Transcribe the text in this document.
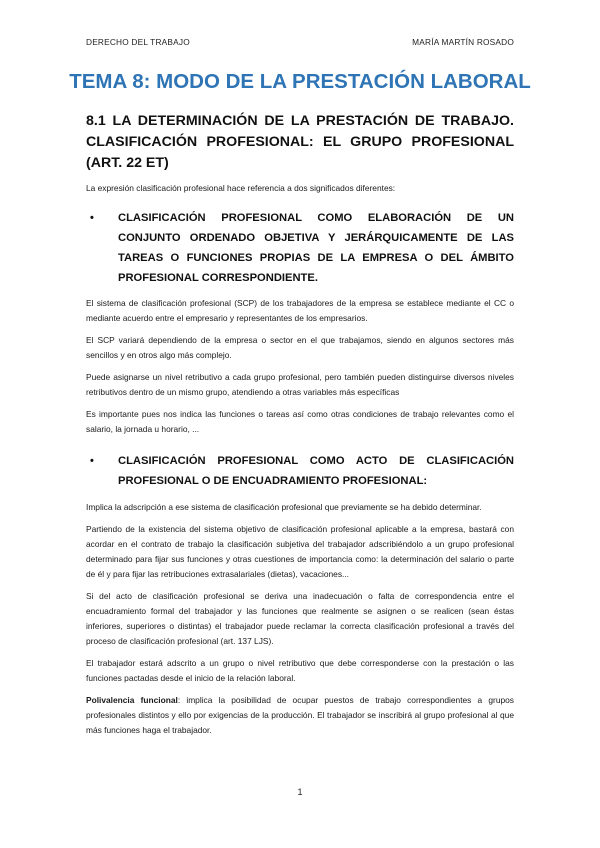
DERECHO DEL TRABAJO	MARÍA MARTÍN ROSADO
TEMA 8: MODO DE LA PRESTACIÓN LABORAL
8.1 LA DETERMINACIÓN DE LA PRESTACIÓN DE TRABAJO. CLASIFICACIÓN PROFESIONAL: EL GRUPO PROFESIONAL (ART. 22 ET)
La expresión clasificación profesional hace referencia a dos significados diferentes:
• CLASIFICACIÓN PROFESIONAL COMO ELABORACIÓN DE UN CONJUNTO ORDENADO OBJETIVA Y JERÁRQUICAMENTE DE LAS TAREAS O FUNCIONES PROPIAS DE LA EMPRESA O DEL ÁMBITO PROFESIONAL CORRESPONDIENTE.
El sistema de clasificación profesional (SCP) de los trabajadores de la empresa se establece mediante el CC o mediante acuerdo entre el empresario y representantes de los empresarios.
El SCP variará dependiendo de la empresa o sector en el que trabajamos, siendo en algunos sectores más sencillos y en otros algo más complejo.
Puede asignarse un nivel retributivo a cada grupo profesional, pero también pueden distinguirse diversos niveles retributivos dentro de un mismo grupo, atendiendo a otras variables más específicas
Es importante pues nos indica las funciones o tareas así como otras condiciones de trabajo relevantes como el salario, la jornada u horario, ...
• CLASIFICACIÓN PROFESIONAL COMO ACTO DE CLASIFICACIÓN PROFESIONAL O DE ENCUADRAMIENTO PROFESIONAL:
Implica la adscripción a ese sistema de clasificación profesional que previamente se ha debido determinar.
Partiendo de la existencia del sistema objetivo de clasificación profesional aplicable a la empresa, bastará con acordar en el contrato de trabajo la clasificación subjetiva del trabajador adscribiéndolo a un grupo profesional determinado para fijar sus funciones y otras cuestiones de importancia como: la determinación del salario o parte de él y para fijar las retribuciones extrasalariales (dietas), vacaciones...
Si del acto de clasificación profesional se deriva una inadecuación o falta de correspondencia entre el encuadramiento formal del trabajador y las funciones que realmente se asignen o se realicen (sean éstas inferiores, superiores o distintas) el trabajador puede reclamar la correcta clasificación profesional a través del proceso de clasificación profesional (art. 137 LJS).
El trabajador estará adscrito a un grupo o nivel retributivo que debe corresponderse con la prestación o las funciones pactadas desde el inicio de la relación laboral.
Polivalencia funcional: implica la posibilidad de ocupar puestos de trabajo correspondientes a grupos profesionales distintos y ello por exigencias de la producción. El trabajador se inscribirá al grupo profesional al que más funciones haga el trabajador.
1
